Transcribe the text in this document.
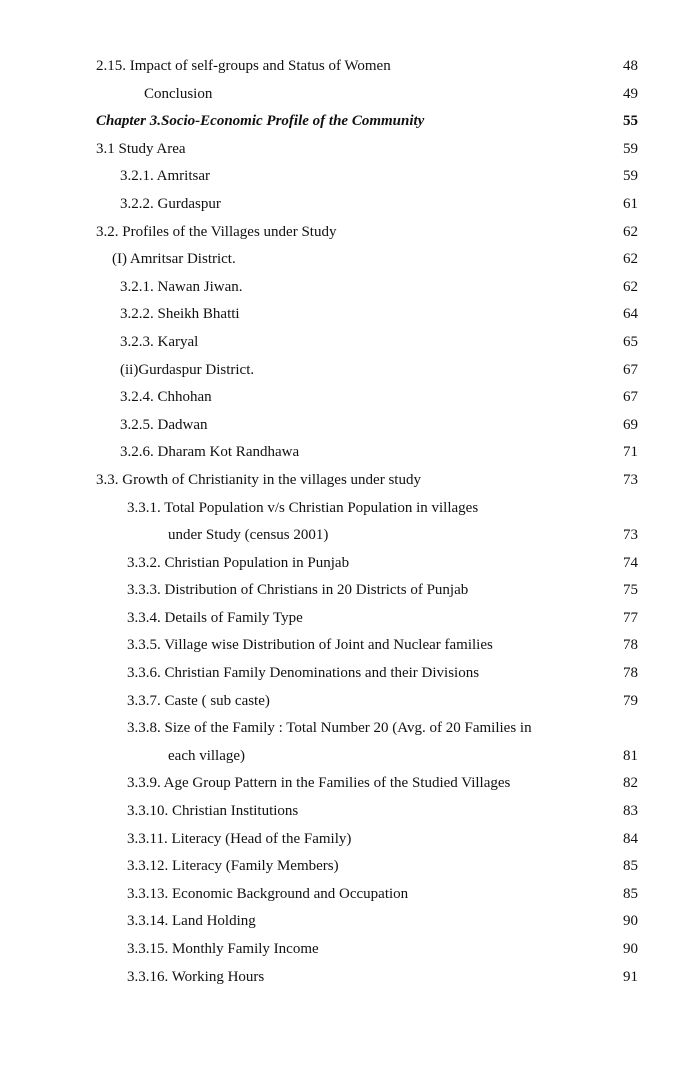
2.15. Impact of self-groups and Status of Women	48
Conclusion	49
Chapter 3.Socio-Economic Profile of the Community	55
3.1 Study Area	59
3.2.1. Amritsar	59
3.2.2. Gurdaspur	61
3.2. Profiles of the Villages under Study	62
(I) Amritsar District.	62
3.2.1. Nawan Jiwan.	62
3.2.2. Sheikh Bhatti	64
3.2.3. Karyal	65
(ii)Gurdaspur District.	67
3.2.4. Chhohan	67
3.2.5. Dadwan	69
3.2.6. Dharam Kot Randhawa	71
3.3. Growth of Christianity in the villages under study	73
3.3.1. Total Population v/s Christian Population in villages
under Study (census 2001)	73
3.3.2. Christian Population in Punjab	74
3.3.3. Distribution of Christians in 20 Districts of Punjab	75
3.3.4. Details of Family Type	77
3.3.5. Village wise Distribution of Joint and Nuclear families	78
3.3.6. Christian Family Denominations and their Divisions	78
3.3.7. Caste ( sub caste)	79
3.3.8. Size of the Family : Total Number 20 (Avg. of 20 Families in
each village)	81
3.3.9. Age Group Pattern in the Families of the Studied Villages	82
3.3.10. Christian Institutions	83
3.3.11. Literacy (Head of the Family)	84
3.3.12. Literacy (Family Members)	85
3.3.13. Economic Background and Occupation	85
3.3.14. Land Holding	90
3.3.15. Monthly Family Income	90
3.3.16. Working Hours	91
